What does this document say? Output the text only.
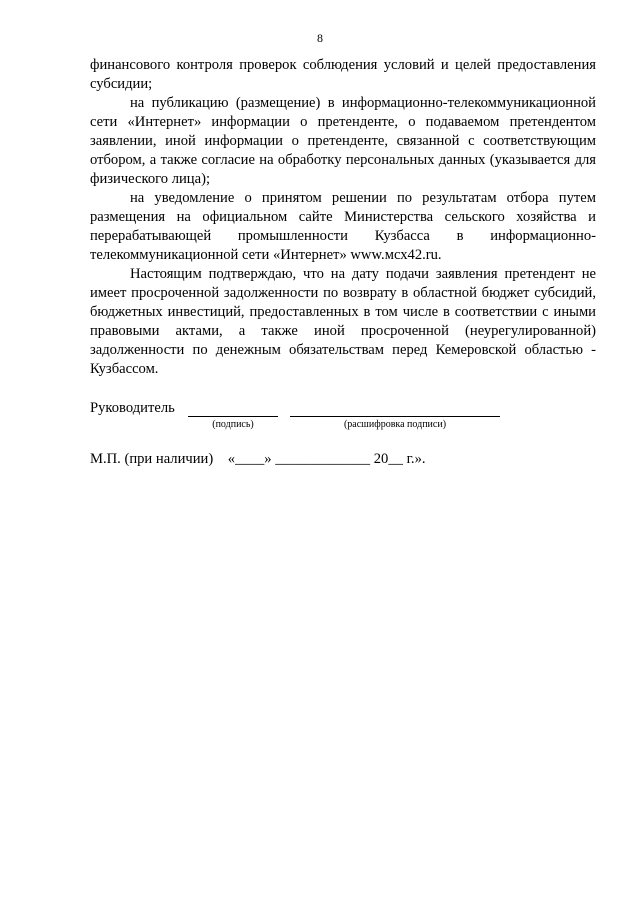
8

финансового контроля проверок соблюдения условий и целей предоставления субсидии;

на публикацию (размещение) в информационно-телекоммуникационной сети «Интернет» информации о претенденте, о подаваемом претендентом заявлении, иной информации о претенденте, связанной с соответствующим отбором, а также согласие на обработку персональных данных (указывается для физического лица);

на уведомление о принятом решении по результатам отбора путем размещения на официальном сайте Министерства сельского хозяйства и перерабатывающей промышленности Кузбасса в информационно-телекоммуникационной сети «Интернет» www.мсх42.ru.

Настоящим подтверждаю, что на дату подачи заявления претендент не имеет просроченной задолженности по возврату в областной бюджет субсидий, бюджетных инвестиций, предоставленных в том числе в соответствии с иными правовыми актами, а также иной просроченной (неурегулированной) задолженности по денежным обязательствам перед Кемеровской областью - Кузбассом.

Руководитель
(подпись)	(расшифровка подписи)
М.П. (при наличии)    «____» _____________ 20__ г.».
